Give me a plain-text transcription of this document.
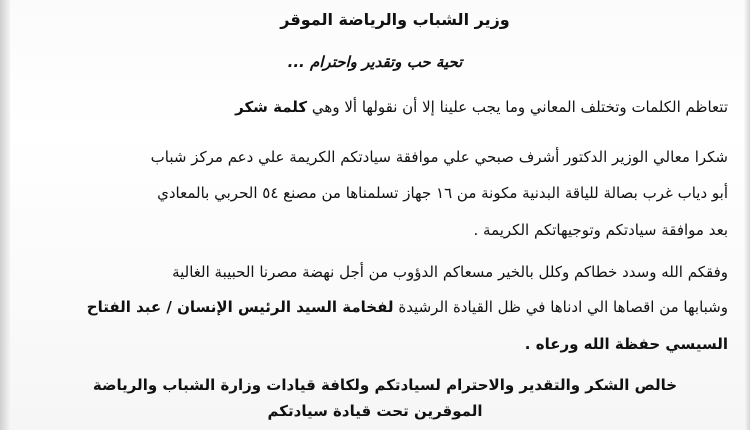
وزير الشباب والرياضة الموقر
تحية حب وتقدير واحترام ...
تتعاظم الكلمات وتختلف المعاني وما يجب علينا إلا أن نقولها ألا وهي كلمة شكر
شكرا معالي الوزير الدكتور أشرف صبحي علي موافقة سيادتكم الكريمة علي دعم مركز شباب
أبو دياب غرب بصالة للياقة البدنية مكونة من ١٦ جهاز تسلمناها من مصنع ٥٤ الحربي بالمعادي
بعد موافقة سيادتكم وتوجيهاتكم الكريمة .
وفقكم الله وسدد خطاكم وكلل بالخير مسعاكم الدؤوب من أجل نهضة مصرنا الحبيبة الغالية
وشبابها من اقصاها الي ادناها في ظل القيادة الرشيدة لفخامة السيد الرئيس الإنسان / عبد الفتاح
السيسي حفظة الله ورعاه .
خالص الشكر والتقدير والاحترام لسيادتكم ولكافة قيادات وزارة الشباب والرياضة
الموقرين تحت قيادة سيادتكم
